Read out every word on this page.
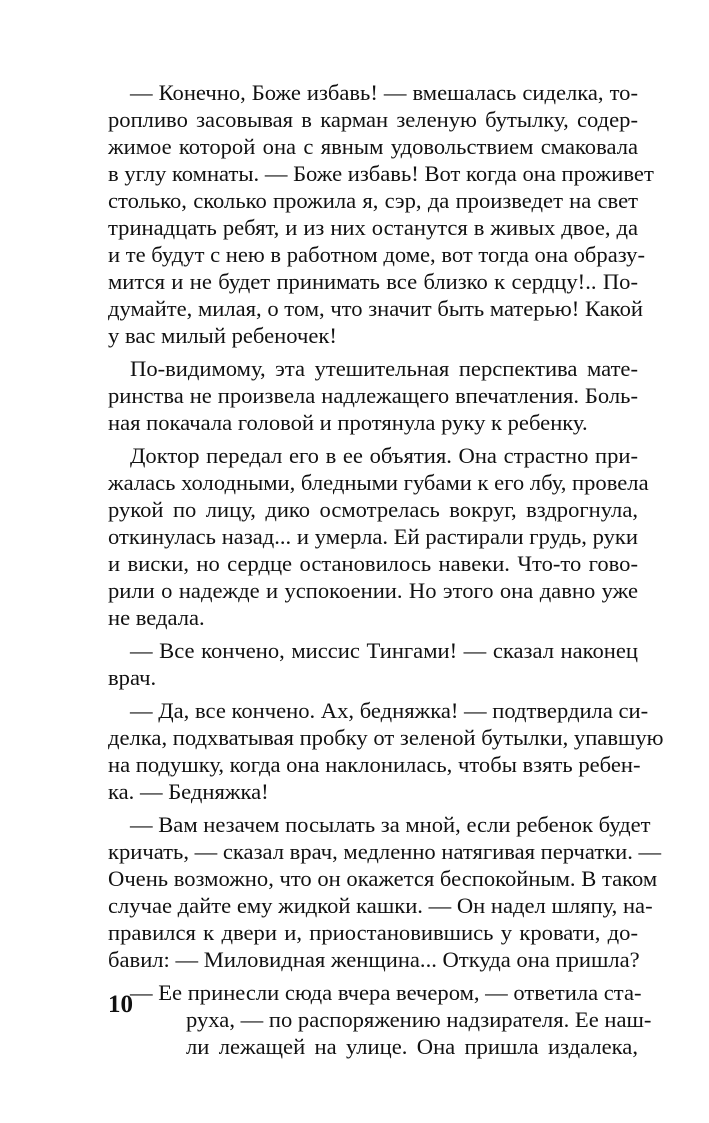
— Конечно, Боже избавь! — вмешалась сиделка, то-
ропливо засовывая в карман зеленую бутылку, содер-
жимое которой она с явным удовольствием смаковала
в углу комнаты. — Боже избавь! Вот когда она проживет
столько, сколько прожила я, сэр, да произведет на свет
тринадцать ребят, и из них останутся в живых двое, да
и те будут с нею в работном доме, вот тогда она образу-
мится и не будет принимать все близко к сердцу!.. По-
думайте, милая, о том, что значит быть матерью! Какой
у вас милый ребеночек!

По-видимому, эта утешительная перспектива мате-
ринства не произвела надлежащего впечатления. Боль-
ная покачала головой и протянула руку к ребенку.

Доктор передал его в ее объятия. Она страстно при-
жалась холодными, бледными губами к его лбу, провела
рукой по лицу, дико осмотрелась вокруг, вздрогнула,
откинулась назад... и умерла. Ей растирали грудь, руки
и виски, но сердце остановилось навеки. Что-то гово-
рили о надежде и успокоении. Но этого она давно уже
не ведала.

— Все кончено, миссис Тингами! — сказал наконец
врач.

— Да, все кончено. Ах, бедняжка! — подтвердила си-
делка, подхватывая пробку от зеленой бутылки, упавшую
на подушку, когда она наклонилась, чтобы взять ребен-
ка. — Бедняжка!

— Вам незачем посылать за мной, если ребенок будет
кричать, — сказал врач, медленно натягивая перчатки. —
Очень возможно, что он окажется беспокойным. В таком
случае дайте ему жидкой кашки. — Он надел шляпу, на-
правился к двери и, приостановившись у кровати, до-
бавил: — Миловидная женщина... Откуда она пришла?

— Ее принесли сюда вчера вечером, — ответила ста-
руха, — по распоряжению надзирателя. Ее наш-
ли лежащей на улице. Она пришла издалека,

10
